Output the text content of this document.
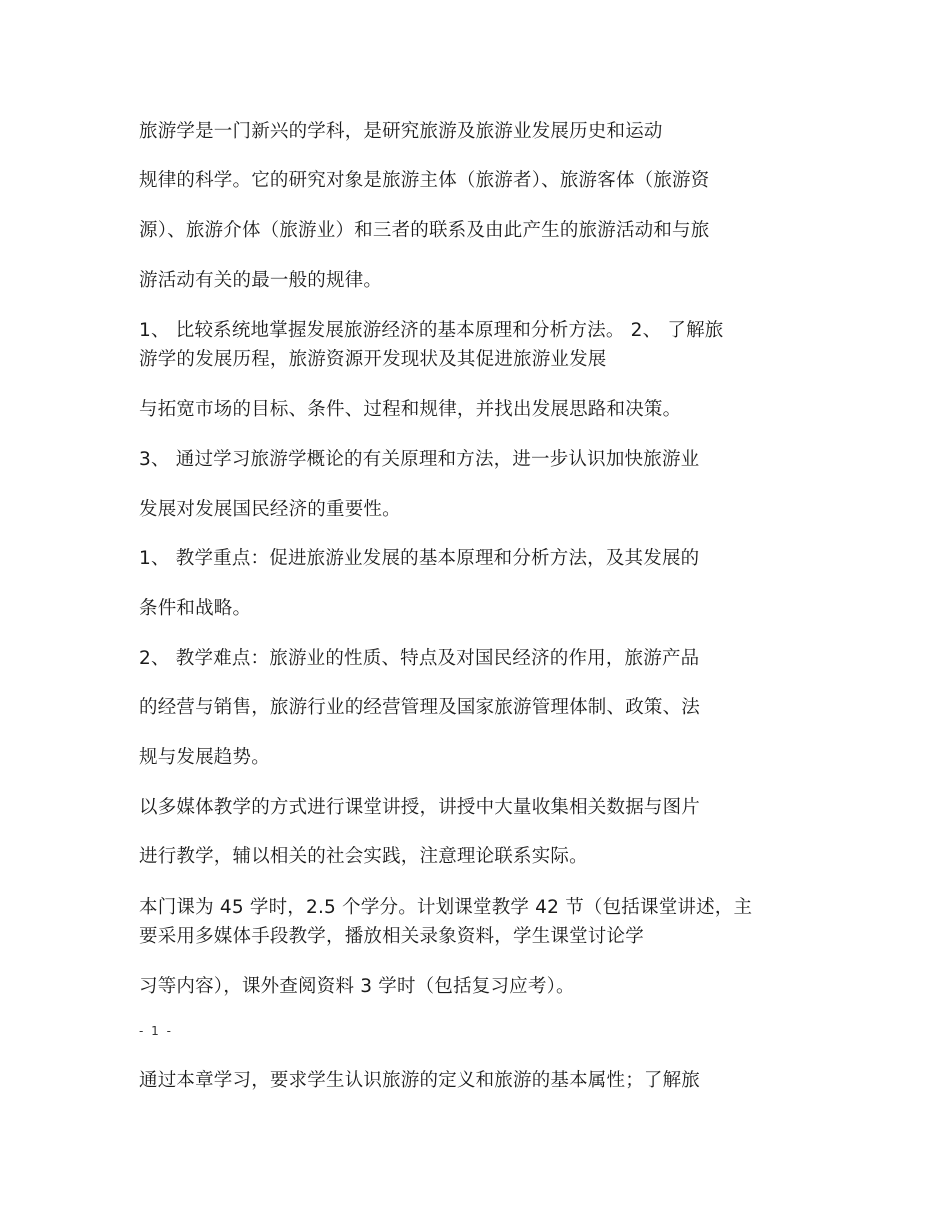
旅游学是一门新兴的学科，是研究旅游及旅游业发展历史和运动
规律的科学。它的研究对象是旅游主体（旅游者）、旅游客体（旅游资
源）、旅游介体（旅游业）和三者的联系及由此产生的旅游活动和与旅
游活动有关的最一般的规律。
1、 比较系统地掌握发展旅游经济的基本原理和分析方法。 2、 了解旅
游学的发展历程，旅游资源开发现状及其促进旅游业发展
与拓宽市场的目标、条件、过程和规律，并找出发展思路和决策。
3、 通过学习旅游学概论的有关原理和方法，进一步认识加快旅游业
发展对发展国民经济的重要性。
1、 教学重点：促进旅游业发展的基本原理和分析方法，及其发展的
条件和战略。
2、 教学难点：旅游业的性质、特点及对国民经济的作用，旅游产品
的经营与销售，旅游行业的经营管理及国家旅游管理体制、政策、法
规与发展趋势。
以多媒体教学的方式进行课堂讲授，讲授中大量收集相关数据与图片
进行教学，辅以相关的社会实践，注意理论联系实际。
本门课为 45 学时，2.5 个学分。计划课堂教学 42 节（包括课堂讲述，主
要采用多媒体手段教学，播放相关录象资料，学生课堂讨论学
习等内容），课外查阅资料 3 学时（包括复习应考）。
- 1 -
通过本章学习，要求学生认识旅游的定义和旅游的基本属性；了解旅
